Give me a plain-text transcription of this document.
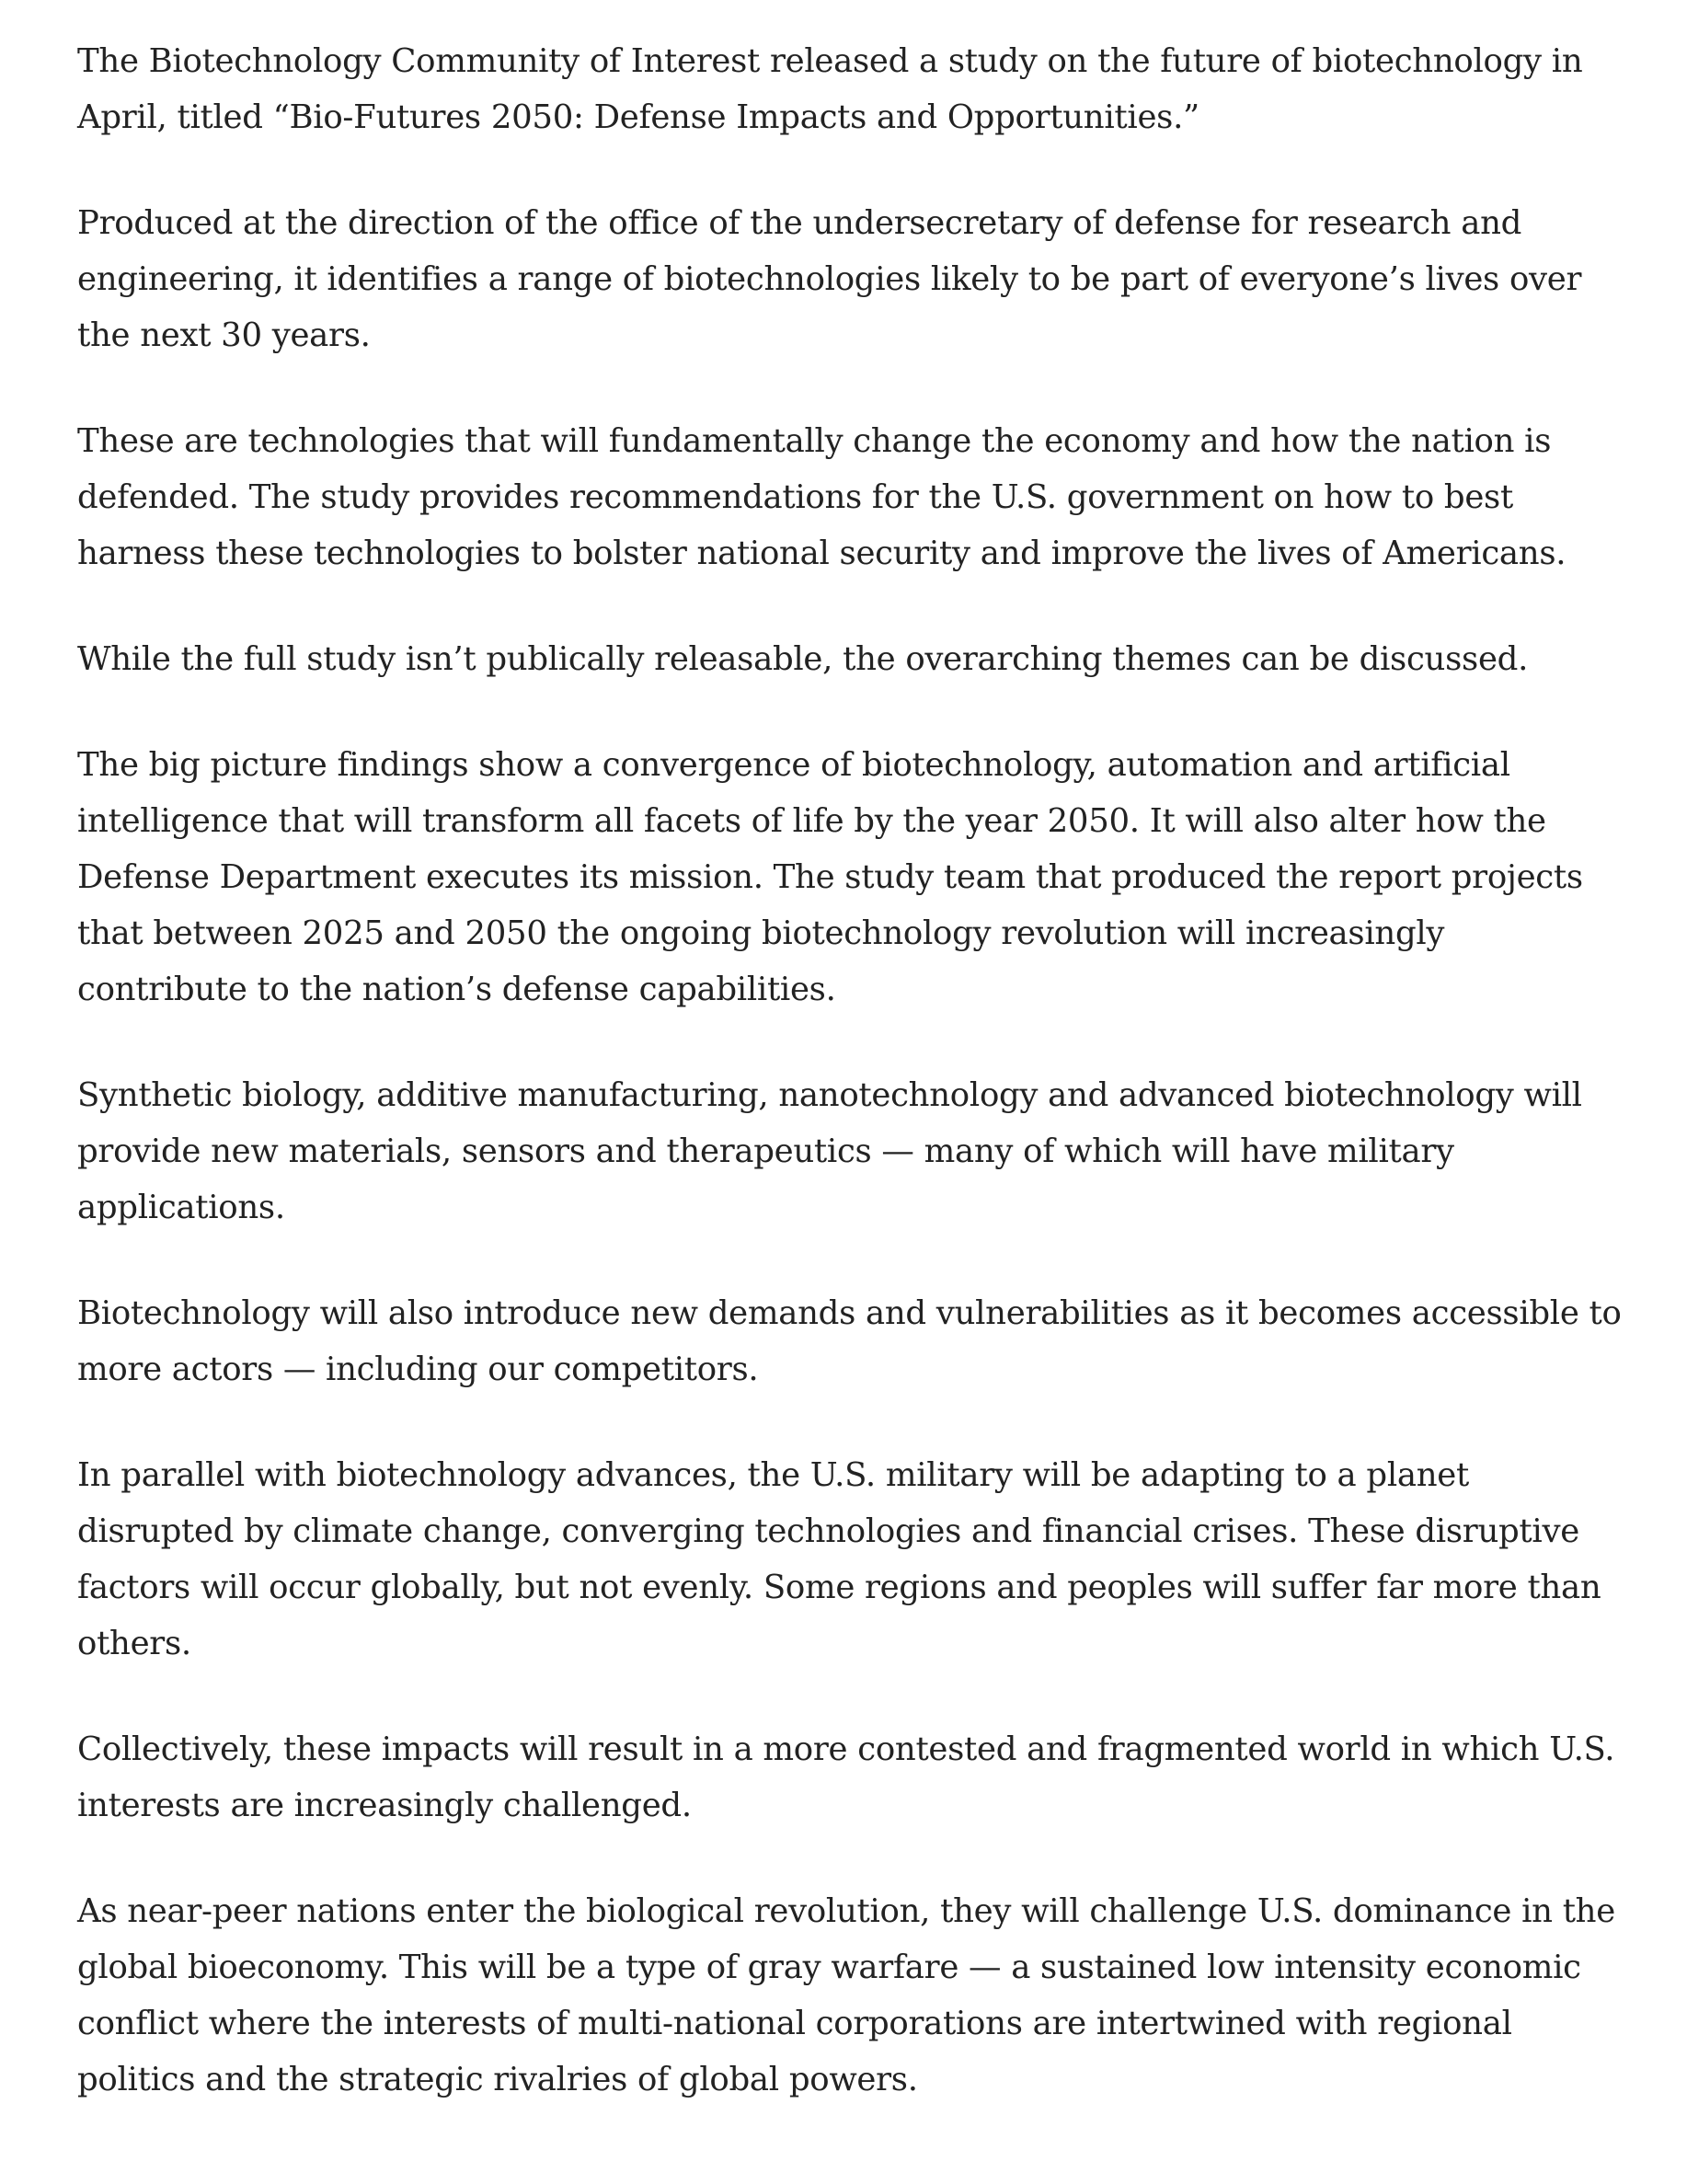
The Biotechnology Community of Interest released a study on the future of biotechnology in April, titled “Bio-Futures 2050: Defense Impacts and Opportunities.”

Produced at the direction of the office of the undersecretary of defense for research and engineering, it identifies a range of biotechnologies likely to be part of everyone’s lives over the next 30 years.

These are technologies that will fundamentally change the economy and how the nation is defended. The study provides recommendations for the U.S. government on how to best harness these technologies to bolster national security and improve the lives of Americans.

While the full study isn’t publically releasable, the overarching themes can be discussed.

The big picture findings show a convergence of biotechnology, automation and artificial intelligence that will transform all facets of life by the year 2050. It will also alter how the Defense Department executes its mission. The study team that produced the report projects that between 2025 and 2050 the ongoing biotechnology revolution will increasingly contribute to the nation’s defense capabilities.

Synthetic biology, additive manufacturing, nanotechnology and advanced biotechnology will provide new materials, sensors and therapeutics — many of which will have military applications.

Biotechnology will also introduce new demands and vulnerabilities as it becomes accessible to more actors — including our competitors.

In parallel with biotechnology advances, the U.S. military will be adapting to a planet disrupted by climate change, converging technologies and financial crises. These disruptive factors will occur globally, but not evenly. Some regions and peoples will suffer far more than others.

Collectively, these impacts will result in a more contested and fragmented world in which U.S. interests are increasingly challenged.

As near-peer nations enter the biological revolution, they will challenge U.S. dominance in the global bioeconomy. This will be a type of gray warfare — a sustained low intensity economic conflict where the interests of multi-national corporations are intertwined with regional politics and the strategic rivalries of global powers.
